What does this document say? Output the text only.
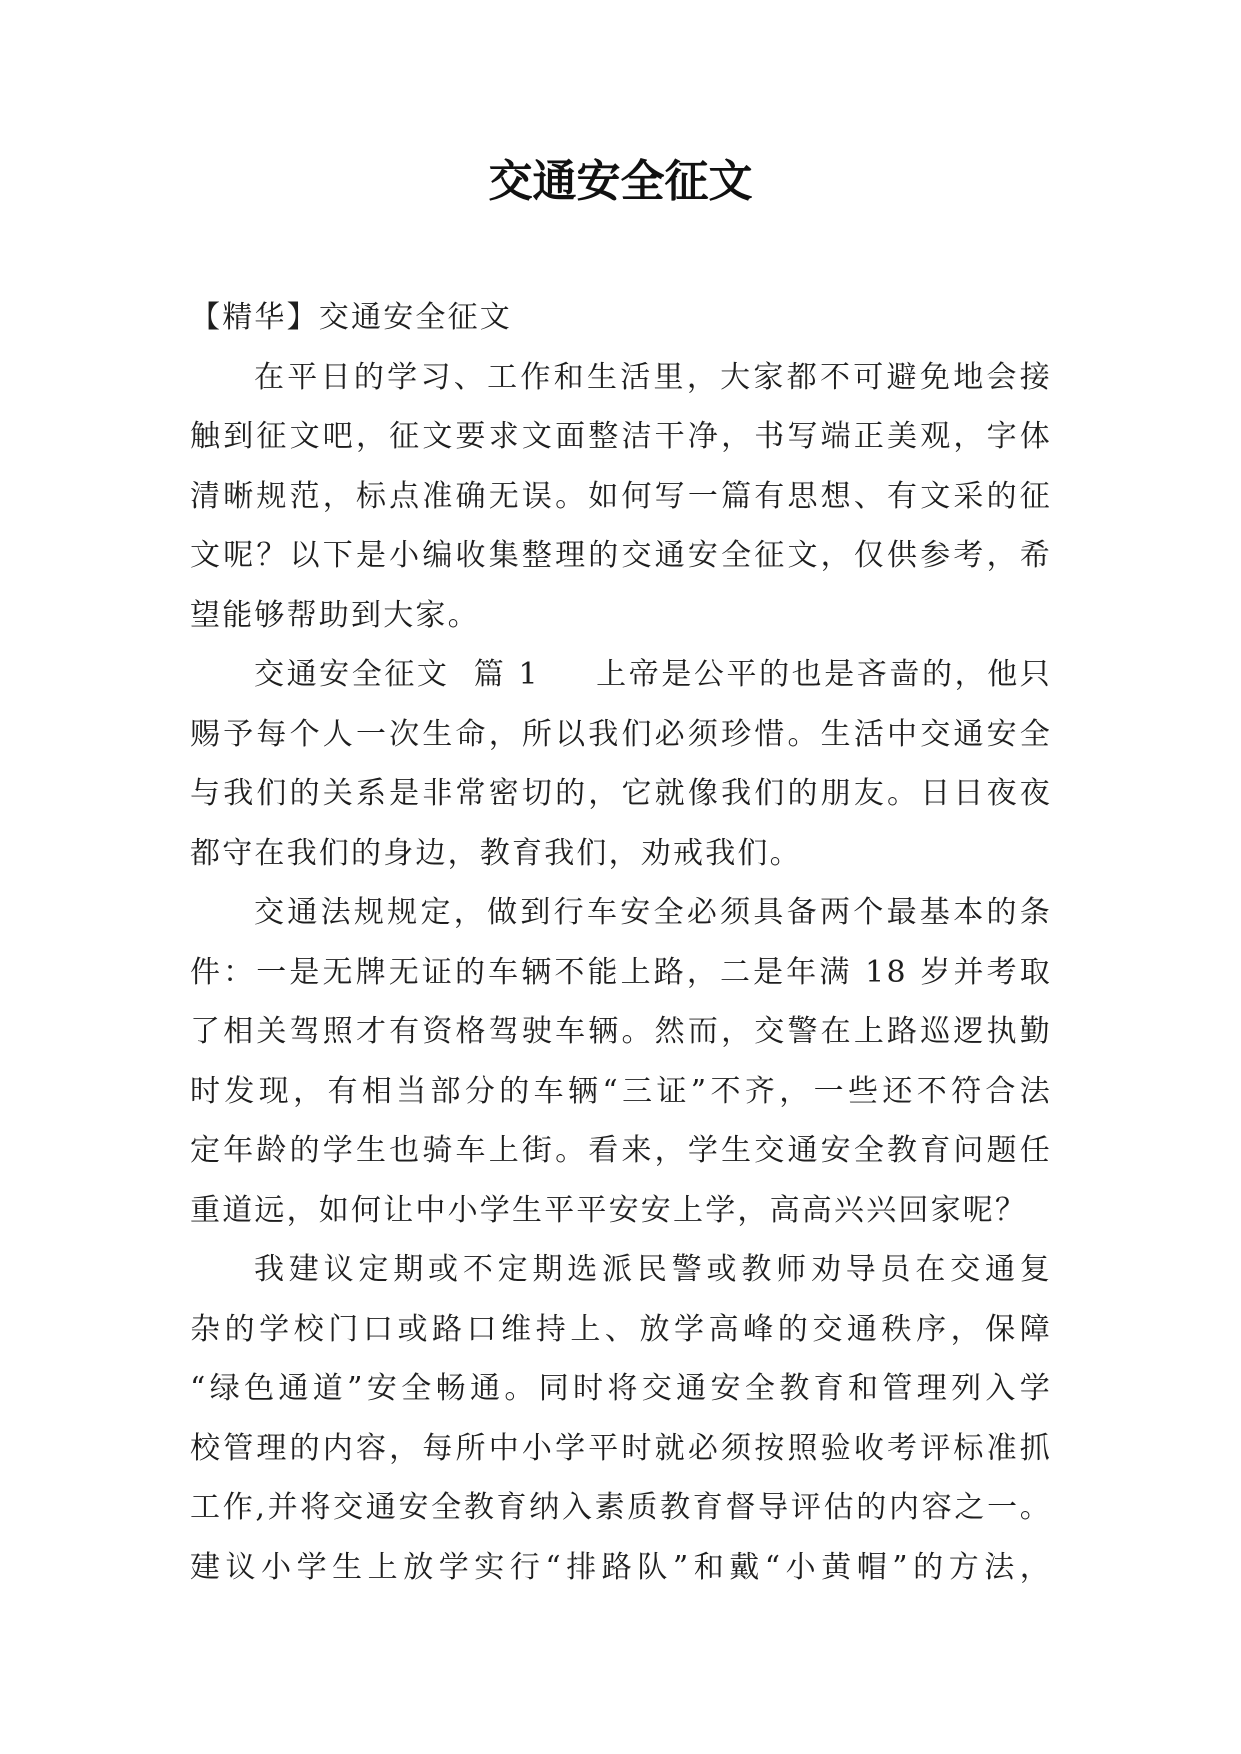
交通安全征文

【精华】交通安全征文

在平日的学习、工作和生活里，大家都不可避免地会接
触到征文吧，征文要求文面整洁干净，书写端正美观，字体
清晰规范，标点准确无误。如何写一篇有思想、有文采的征
文呢？以下是小编收集整理的交通安全征文，仅供参考，希
望能够帮助到大家。

交通安全征文  篇 1 上帝是公平的也是吝啬的，他只
赐予每个人一次生命，所以我们必须珍惜。生活中交通安全
与我们的关系是非常密切的，它就像我们的朋友。日日夜夜
都守在我们的身边，教育我们，劝戒我们。

交通法规规定，做到行车安全必须具备两个最基本的条
件：一是无牌无证的车辆不能上路，二是年满 18 岁并考取
了相关驾照才有资格驾驶车辆。然而，交警在上路巡逻执勤
时发现，有相当部分的车辆“三证”不齐，一些还不符合法
定年龄的学生也骑车上街。看来，学生交通安全教育问题任
重道远，如何让中小学生平平安安上学，高高兴兴回家呢？

我建议定期或不定期选派民警或教师劝导员在交通复
杂的学校门口或路口维持上、放学高峰的交通秩序，保障
“绿色通道”安全畅通。同时将交通安全教育和管理列入学
校管理的内容，每所中小学平时就必须按照验收考评标准抓
工作,并将交通安全教育纳入素质教育督导评估的内容之一。
建议小学生上放学实行“排路队”和戴“小黄帽”的方法，
